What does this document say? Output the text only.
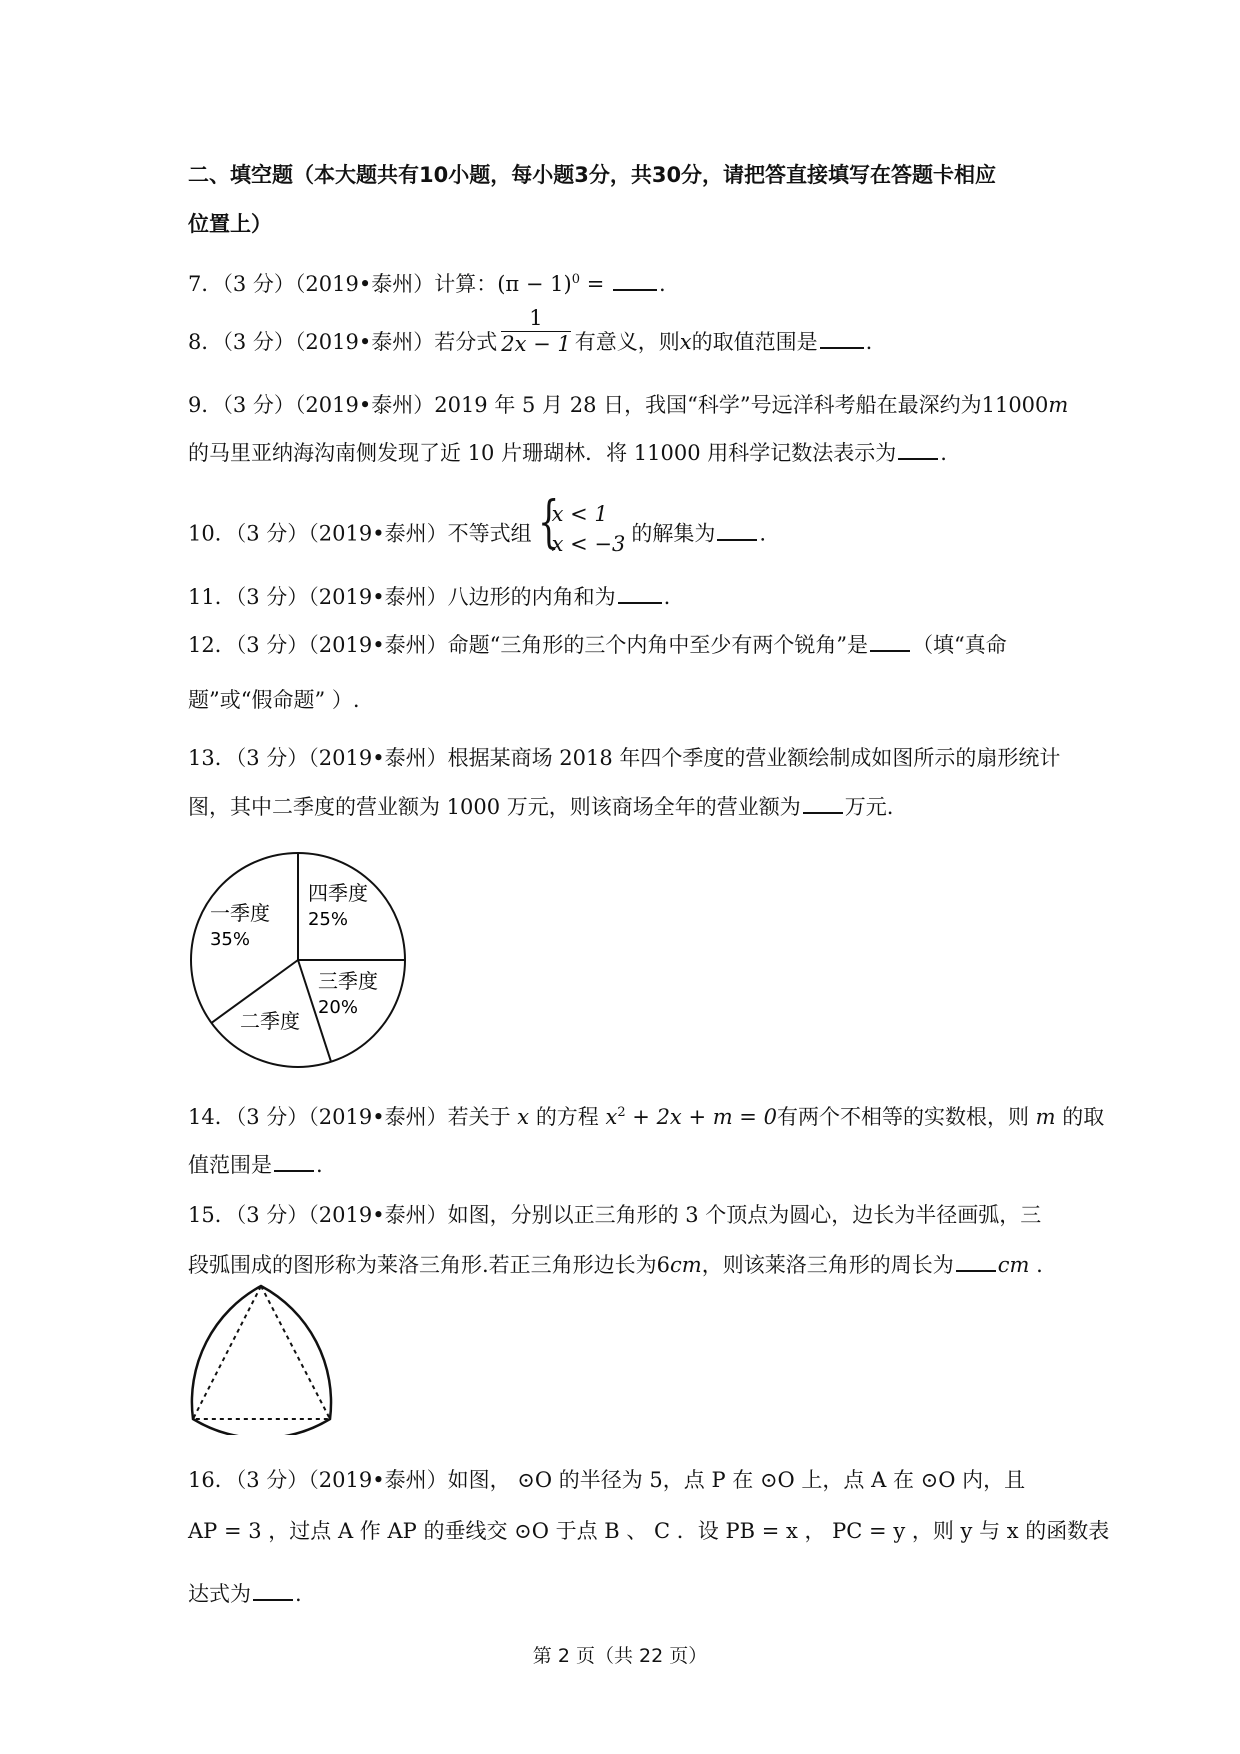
二、填空题（本大题共有10小题，每小题3分，共30分，请把答直接填写在答题卡相应
位置上）
7．（3 分）（2019•泰州）计算：$(\pi - 1)^0$ = .
8．（3 分）（2019•泰州）若分式 $\frac{1}{2x - 1}$ 有意义，则x的取值范围是 .
9．（3 分）（2019•泰州）2019 年 5 月 28 日，我国“科学”号远洋科考船在最深约为11000m
的马里亚纳海沟南侧发现了近 10 片珊瑚林．将 11000 用科学记数法表示为 .
10．（3 分）（2019•泰州）不等式组 {
x < 1
x < −3 的解集为 .
11．（3 分）（2019•泰州）八边形的内角和为 .
12．（3 分）（2019•泰州）命题“三角形的三个内角中至少有两个锐角”是 （填“真命
题”或“假命题” ）.
13．（3 分）（2019•泰州）根据某商场 2018 年四个季度的营业额绘制成如图所示的扇形统计
图，其中二季度的营业额为 1000 万元，则该商场全年的营业额为 万元.
四季度
25%
三季度
20%
二季度
一季度
35%
14．（3 分）（2019•泰州）若关于 x 的方程 $x^2 + 2x + m = 0$有两个不相等的实数根，则 m 的取
值范围是 .
15．（3 分）（2019•泰州）如图，分别以正三角形的 3 个顶点为圆心，边长为半径画弧，三
段弧围成的图形称为莱洛三角形.若正三角形边长为6cm，则该莱洛三角形的周长为 cm .
16．（3 分）（2019•泰州）如图， ⊙O 的半径为 5，点 P 在 ⊙O 上，点 A 在 ⊙O 内，且
AP = 3 ，过点 A 作 AP 的垂线交 ⊙O 于点 B 、 C ．设 PB = x ， PC = y ，则 y 与 x 的函数表
达式为 .
第 2 页（共 22 页）
